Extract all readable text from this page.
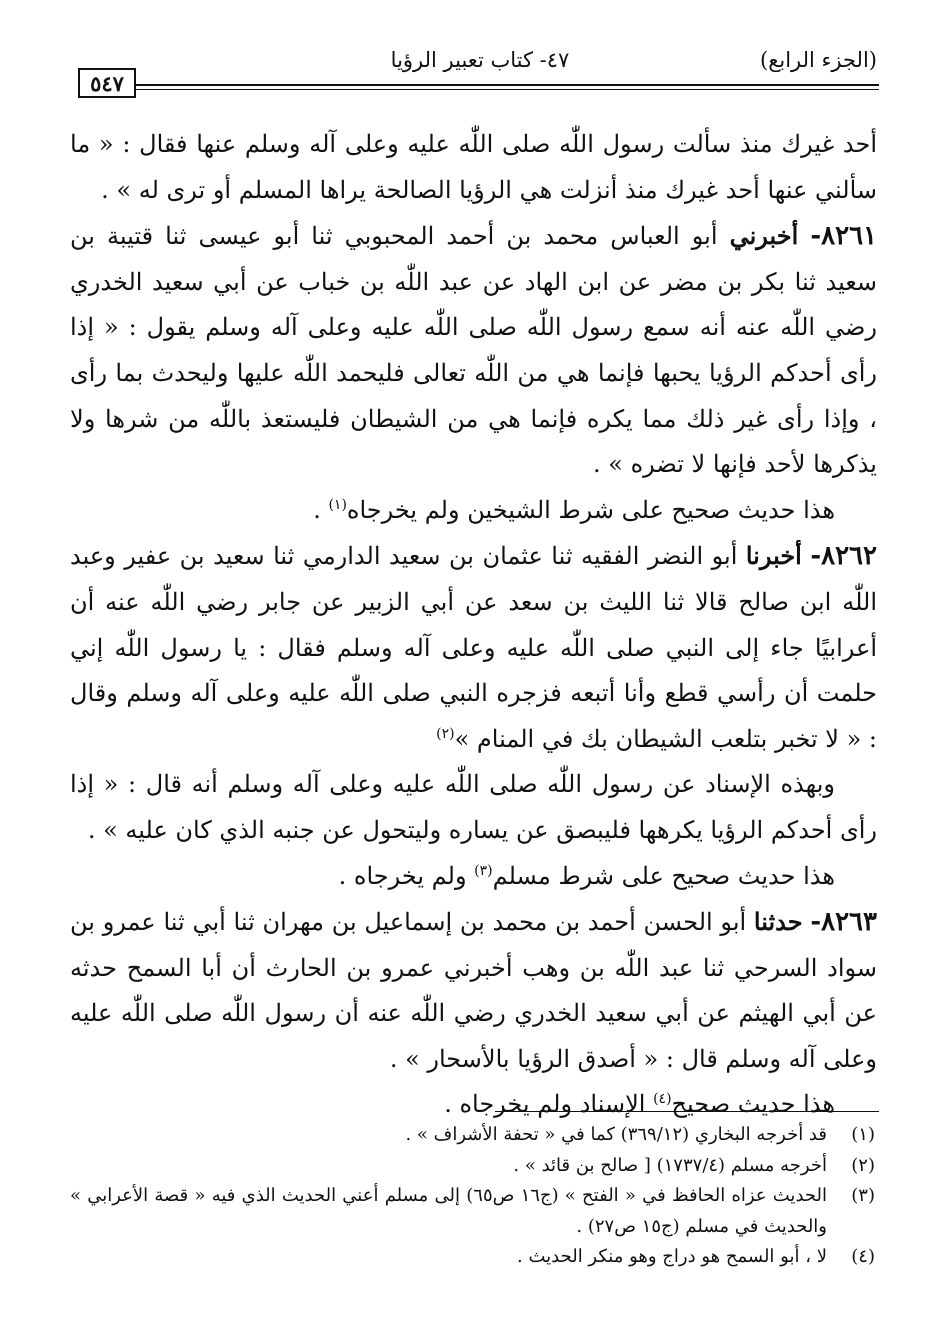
(الجزء الرابع)
٤٧- كتاب تعبير الرؤيا
٥٤٧

أحد غيرك منذ سألت رسول اللّٰه صلى اللّٰه عليه وعلى آله وسلم عنها فقال : « ما سألني عنها أحد غيرك منذ أنزلت هي الرؤيا الصالحة يراها المسلم أو ترى له » .

٨٢٦١- أخبرني أبو العباس محمد بن أحمد المحبوبي ثنا أبو عيسى ثنا قتيبة بن سعيد ثنا بكر بن مضر عن ابن الهاد عن عبد اللّٰه بن خباب عن أبي سعيد الخدري رضي اللّٰه عنه أنه سمع رسول اللّٰه صلى اللّٰه عليه وعلى آله وسلم يقول : « إذا رأى أحدكم الرؤيا يحبها فإنما هي من اللّٰه تعالى فليحمد اللّٰه عليها وليحدث بما رأى ، وإذا رأى غير ذلك مما يكره فإنما هي من الشيطان فليستعذ باللّٰه من شرها ولا يذكرها لأحد فإنها لا تضره » .

هذا حديث صحيح على شرط الشيخين ولم يخرجاه$^{(١)}$ .

٨٢٦٢- أخبرنا أبو النضر الفقيه ثنا عثمان بن سعيد الدارمي ثنا سعيد بن عفير وعبد اللّٰه ابن صالح قالا ثنا الليث بن سعد عن أبي الزبير عن جابر رضي اللّٰه عنه أن أعرابيًا جاء إلى النبي صلى اللّٰه عليه وعلى آله وسلم فقال : يا رسول اللّٰه إني حلمت أن رأسي قطع وأنا أتبعه فزجره النبي صلى اللّٰه عليه وعلى آله وسلم وقال : « لا تخبر بتلعب الشيطان بك في المنام »$^{(٢)}$

وبهذه الإسناد عن رسول اللّٰه صلى اللّٰه عليه وعلى آله وسلم أنه قال : « إذا رأى أحدكم الرؤيا يكرهها فليبصق عن يساره وليتحول عن جنبه الذي كان عليه » .

هذا حديث صحيح على شرط مسلم$^{(٣)}$ ولم يخرجاه .

٨٢٦٣- حدثنا أبو الحسن أحمد بن محمد بن إسماعيل بن مهران ثنا أبي ثنا عمرو بن سواد السرحي ثنا عبد اللّٰه بن وهب أخبرني عمرو بن الحارث أن أبا السمح حدثه عن أبي الهيثم عن أبي سعيد الخدري رضي اللّٰه عنه أن رسول اللّٰه صلى اللّٰه عليه وعلى آله وسلم قال : « أصدق الرؤيا بالأسحار » .

هذا حديث صحيح$^{(٤)}$ الإسناد ولم يخرجاه .

(١)
قد أخرجه البخاري (٣٦٩/١٢) كما في « تحفة الأشراف » .
(٢)
أخرجه مسلم (١٧٣٧/٤) [ صالح بن قائد » .
(٣)
الحديث عزاه الحافظ في « الفتح » (ج١٦ ص٦٥) إلى مسلم أعني الحديث الذي فيه « قصة الأعرابي » والحديث في مسلم (ج١٥ ص٢٧) .
(٤)
لا ، أبو السمح هو دراج وهو منكر الحديث .
